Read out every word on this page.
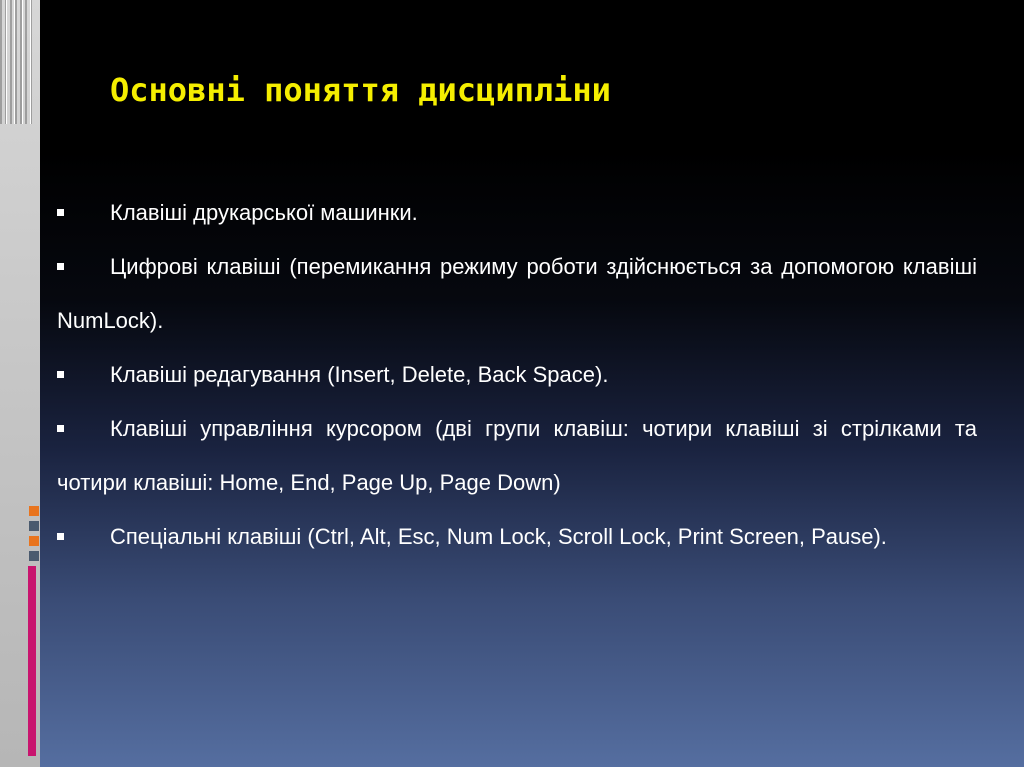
Основні поняття дисципліни
Клавіші друкарської машинки.
Цифрові клавіші (перемикання режиму роботи здійснюється за допомогою клавіші NumLock).
Клавіші редагування (Insert, Delete, Back Space).
Клавіші управління курсором (дві групи клавіш: чотири клавіші зі стрілками та чотири клавіші: Home, End, Page Up, Page Down)
Спеціальні клавіші (Ctrl, Alt, Esc, Num Lock, Scroll Lock, Print Screen, Pause).
